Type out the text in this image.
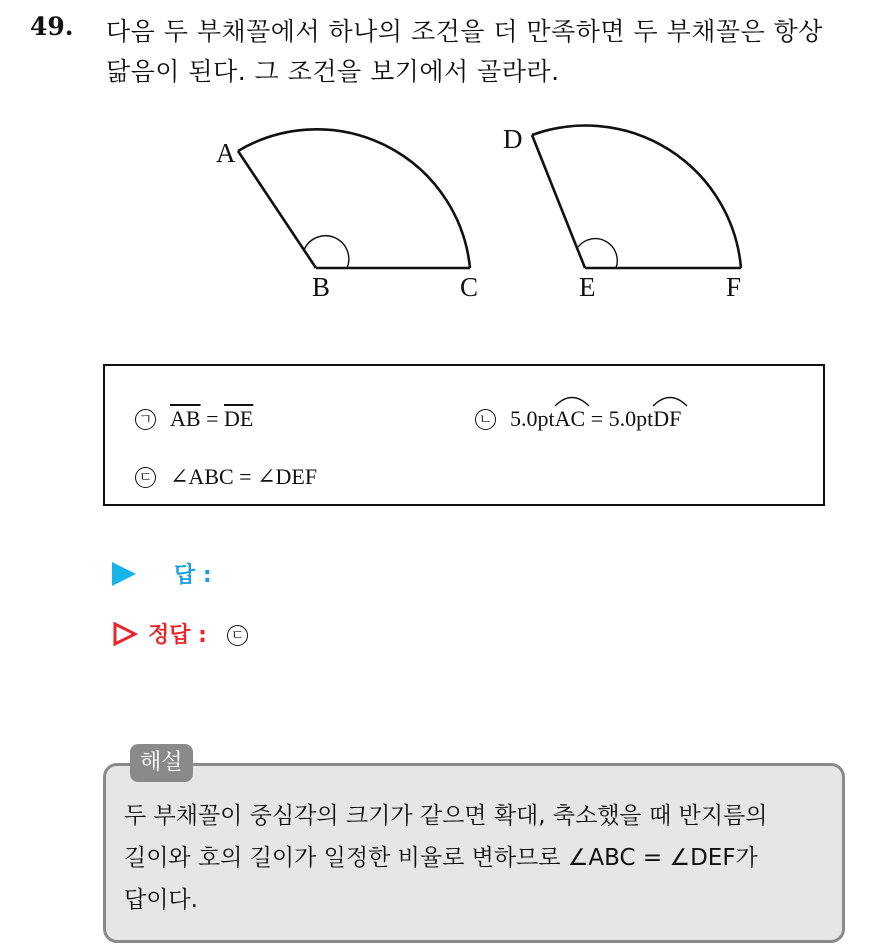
49. 다음 두 부채꼴에서 하나의 조건을 더 만족하면 두 부채꼴은 항상
닮음이 된다. 그 조건을 보기에서 골라라.
A
B	C
D
E	F
ㄱ $\overline{AB} = \overline{DE}$	ㄴ 5.0pt AC = 5.0pt DF
ㄷ ∠ABC = ∠DEF
답 :
정답 : ㄷ
해설
두 부채꼴이 중심각의 크기가 같으면 확대, 축소했을 때 반지름의
길이와 호의 길이가 일정한 비율로 변하므로 ∠ABC = ∠DEF가
답이다.
